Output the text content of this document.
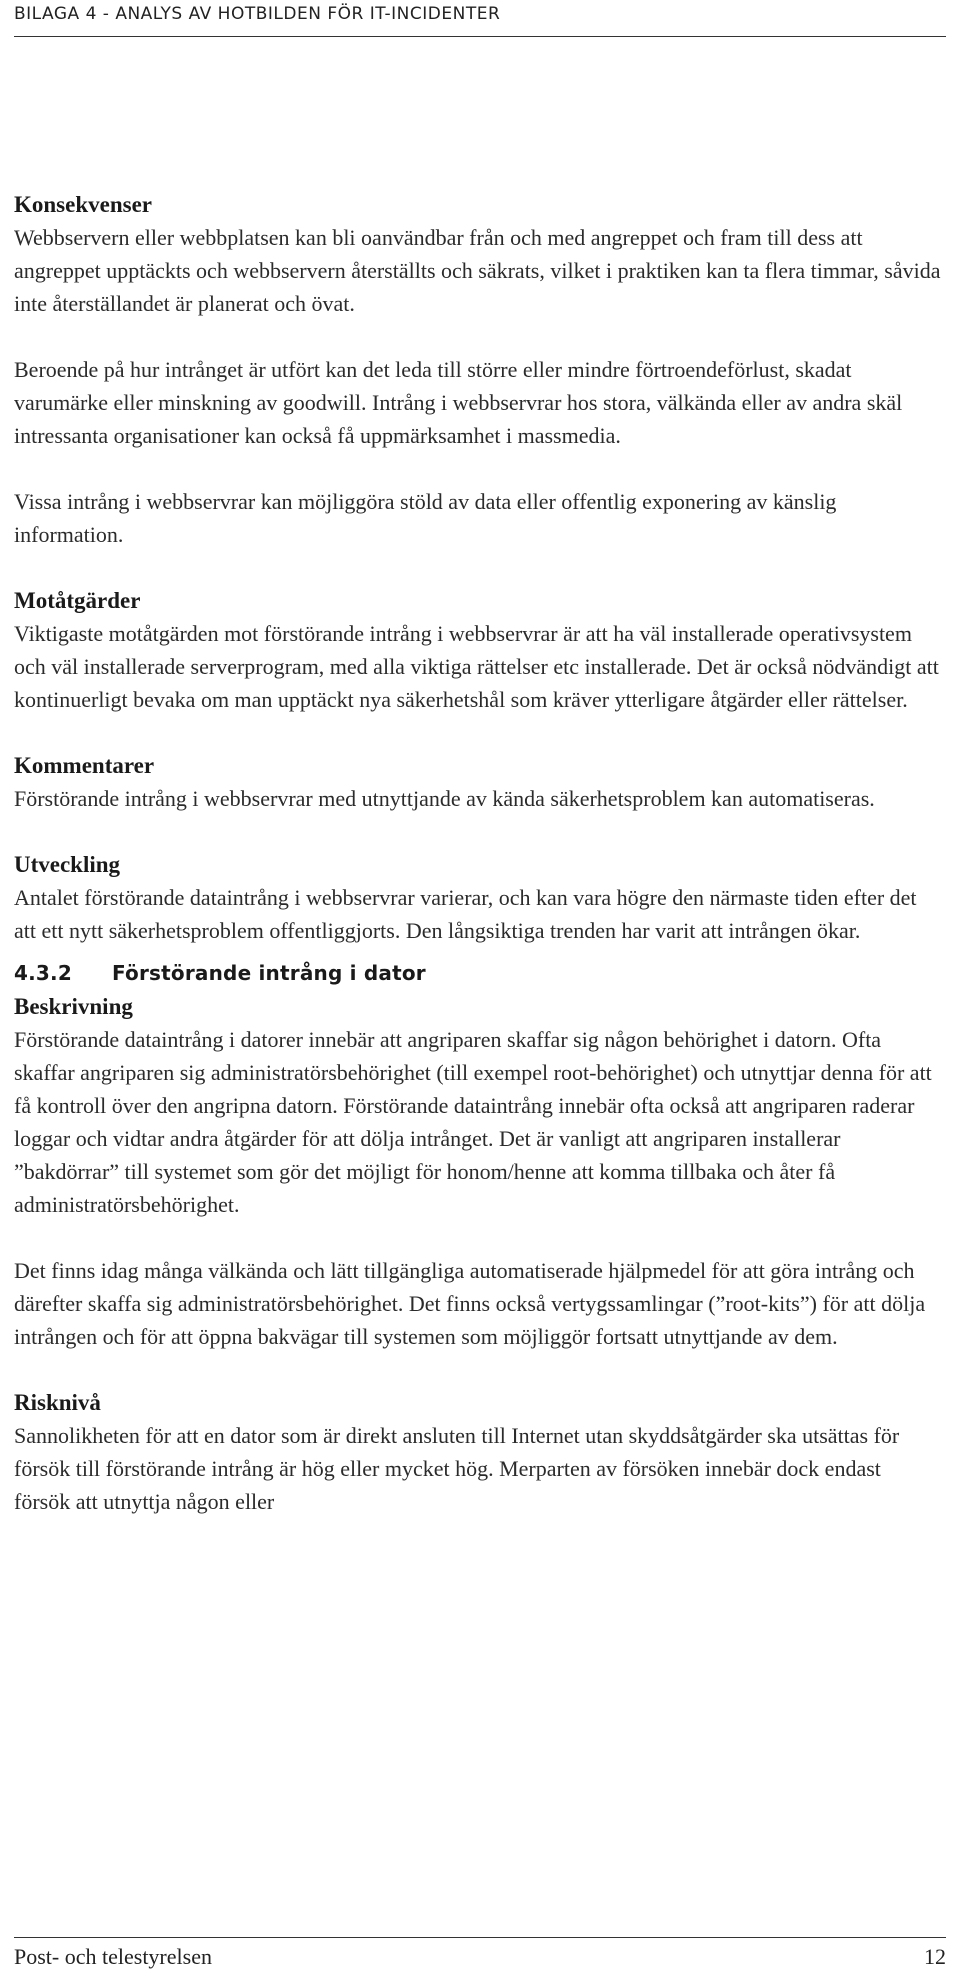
BILAGA 4 - ANALYS AV HOTBILDEN FÖR IT-INCIDENTER
Konsekvenser

Webbservern eller webbplatsen kan bli oanvändbar från och med angreppet och fram till dess att angreppet upptäckts och webbservern återställts och säkrats, vilket i praktiken kan ta flera timmar, såvida inte återställandet är planerat och övat.

Beroende på hur intrånget är utfört kan det leda till större eller mindre förtroendeförlust, skadat varumärke eller minskning av goodwill. Intrång i webbservrar hos stora, välkända eller av andra skäl intressanta organisationer kan också få uppmärksamhet i massmedia.

Vissa intrång i webbservrar kan möjliggöra stöld av data eller offentlig exponering av känslig information.

Motåtgärder

Viktigaste motåtgärden mot förstörande intrång i webbservrar är att ha väl installerade operativsystem och väl installerade serverprogram, med alla viktiga rättelser etc installerade. Det är också nödvändigt att kontinuerligt bevaka om man upptäckt nya säkerhetshål som kräver ytterligare åtgärder eller rättelser.

Kommentarer

Förstörande intrång i webbservrar med utnyttjande av kända säkerhetsproblem kan automatiseras.

Utveckling

Antalet förstörande dataintrång i webbservrar varierar, och kan vara högre den närmaste tiden efter det att ett nytt säkerhetsproblem offentliggjorts. Den långsiktiga trenden har varit att intrången ökar.

4.3.2 Förstörande intrång i dator
Beskrivning

Förstörande dataintrång i datorer innebär att angriparen skaffar sig någon behörighet i datorn. Ofta skaffar angriparen sig administratörsbehörighet (till exempel root-behörighet) och utnyttjar denna för att få kontroll över den angripna datorn. Förstörande dataintrång innebär ofta också att angriparen raderar loggar och vidtar andra åtgärder för att dölja intrånget. Det är vanligt att angriparen installerar ”bakdörrar” till systemet som gör det möjligt för honom/henne att komma tillbaka och åter få administratörsbehörighet.

Det finns idag många välkända och lätt tillgängliga automatiserade hjälpmedel för att göra intrång och därefter skaffa sig administratörsbehörighet. Det finns också vertygssamlingar (”root-kits”) för att dölja intrången och för att öppna bakvägar till systemen som möjliggör fortsatt utnyttjande av dem.

Risknivå

Sannolikheten för att en dator som är direkt ansluten till Internet utan skyddsåtgärder ska utsättas för försök till förstörande intrång är hög eller mycket hög. Merparten av försöken innebär dock endast försök att utnyttja någon eller

Post- och telestyrelsen	12
